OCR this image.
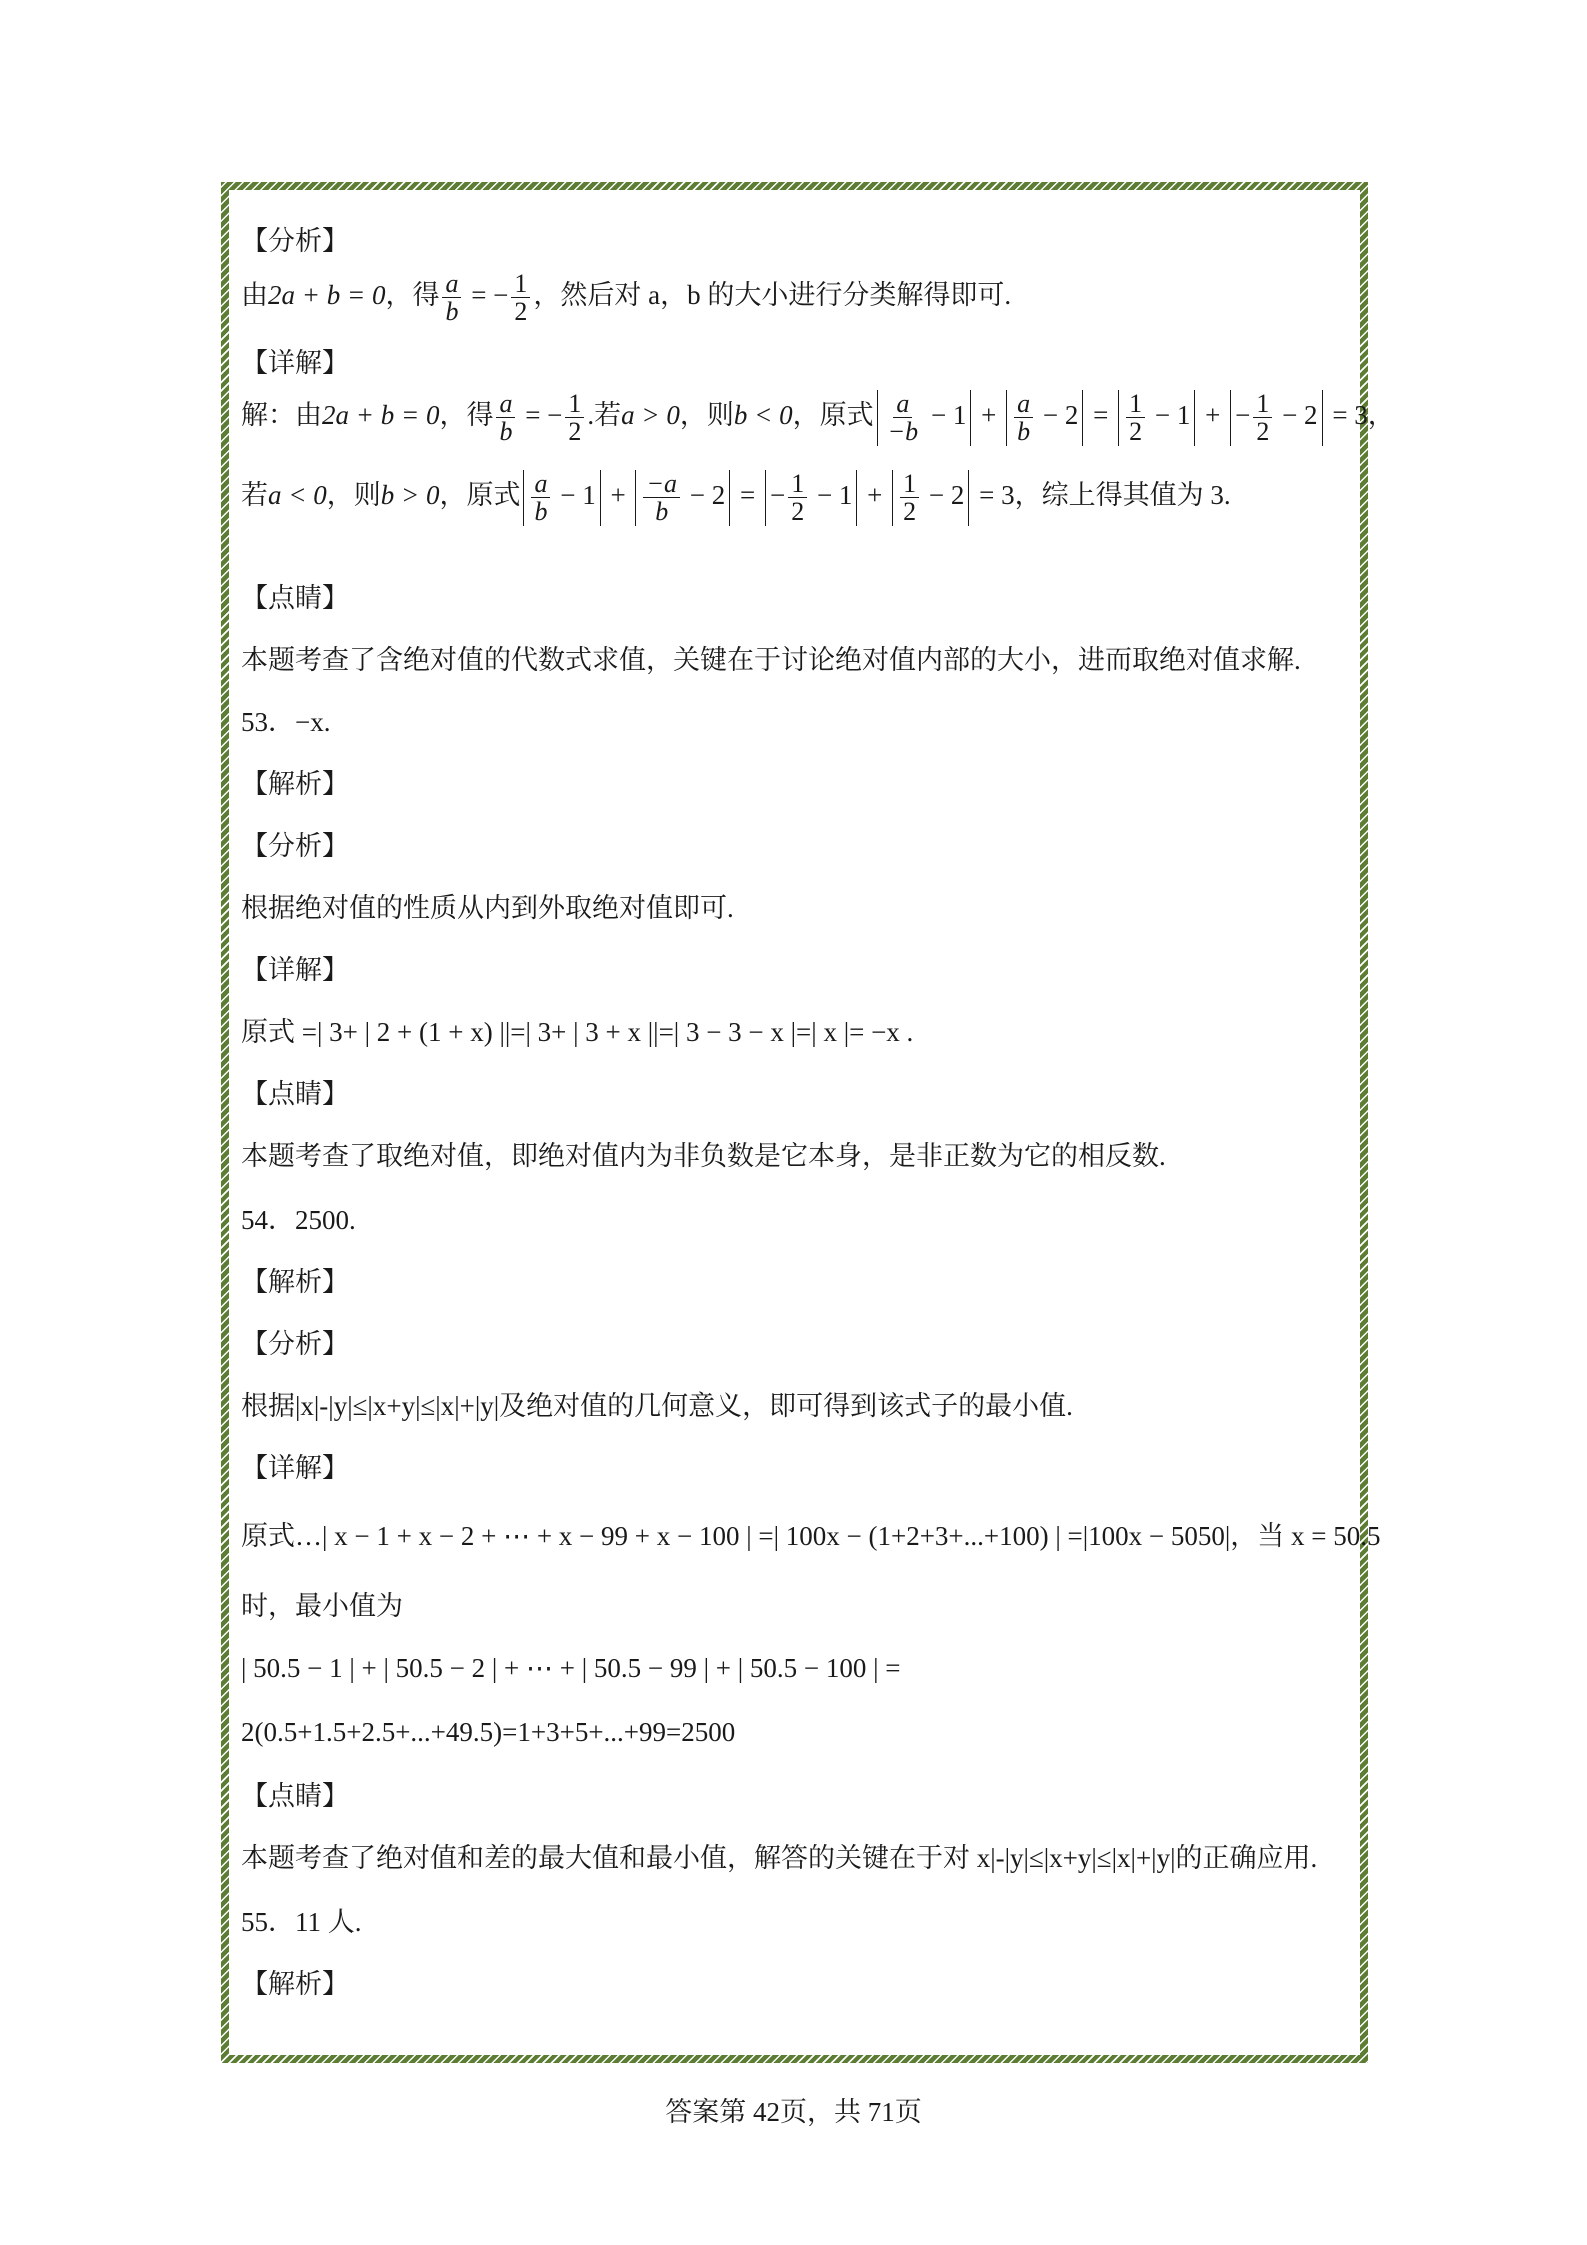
【分析】
由2a + b = 0，得 $\frac{a}{b}$ = − $\frac{1}{2}$ ，然后对 a，b 的大小进行分类解得即可.
【详解】
解：由2a + b = 0，得 $\frac{a}{b}$ = − $\frac{1}{2}$ .若a > 0，则b < 0，原式 $\frac{a}{-b} - 1 + \frac{a}{b} - 2 = \frac{1}{2} - 1$ + − $\frac{1}{2} - 2 = 3$，
若a < 0，则b > 0，原式 $\frac{a}{b} - 1 + \frac{-a}{b} - 2$ = − $\frac{1}{2} - 1 + \frac{1}{2} - 2 = 3$，综上得其值为 3.
【点睛】
本题考查了含绝对值的代数式求值，关键在于讨论绝对值内部的大小，进而取绝对值求解.
53．−x.
【解析】
【分析】
根据绝对值的性质从内到外取绝对值即可.
【详解】
原式 =| 3+ | 2 + (1 + x) ||=| 3+ | 3 + x ||=| 3 − 3 − x |=| x |= −x .
【点睛】
本题考查了取绝对值，即绝对值内为非负数是它本身，是非正数为它的相反数.
54．2500.
【解析】
【分析】
根据|x|-|y|≤|x+y|≤|x|+|y|及绝对值的几何意义，即可得到该式子的最小值.
【详解】
原式…| x − 1 + x − 2 + ⋯ + x − 99 + x − 100 | =| 100x − (1+2+3+...+100) | =|100x − 5050|，当 x = 50.5
时，最小值为
| 50.5 − 1 | + | 50.5 − 2 | + ⋯ + | 50.5 − 99 | + | 50.5 − 100 | =
2(0.5+1.5+2.5+...+49.5)=1+3+5+...+99=2500
【点睛】
本题考查了绝对值和差的最大值和最小值，解答的关键在于对 x|-|y|≤|x+y|≤|x|+|y|的正确应用.
55．11 人.
【解析】
答案第 42页，共 71页
